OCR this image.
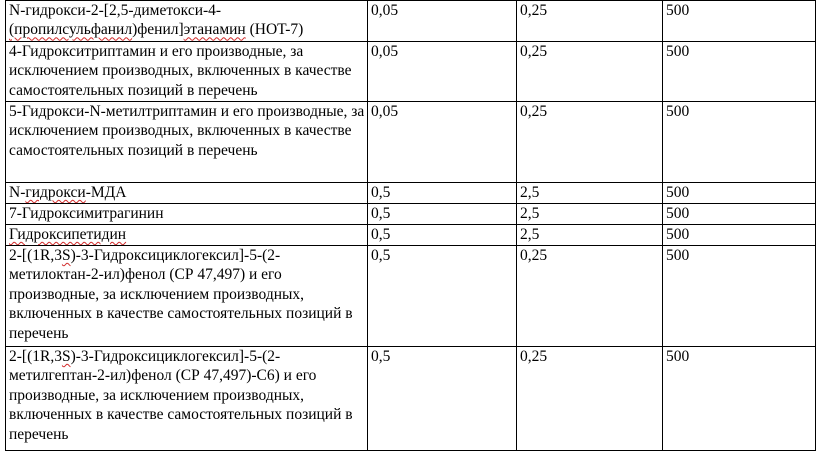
N-гидрокси-2-[2,5-диметокси-4-(пропилсульфанил)фенил]этанамин (HOT-7)	0,05	0,25	500
4-Гидрокситриптамин и его производные, за исключением производных, включенных в качестве самостоятельных позиций в перечень	0,05	0,25	500
5-Гидрокси-N-метилтриптамин и его производные, за исключением производных, включенных в качестве самостоятельных позиций в перечень	0,05	0,25	500
N-гидрокси-МДА	0,5	2,5	500
7-Гидроксимитрагинин	0,5	2,5	500
Гидроксипетидин	0,5	2,5	500
2-[(1R,3S)-3-Гидроксициклогексил]-5-(2-метилоктан-2-ил)фенол (СР 47,497) и его производные, за исключением производных, включенных в качестве самостоятельных позиций в перечень	0,5	0,25	500
2-[(1R,3S)-3-Гидроксициклогексил]-5-(2-метилгептан-2-ил)фенол (СР 47,497)-С6) и его производные, за исключением производных, включенных в качестве самостоятельных позиций в перечень	0,5	0,25	500
